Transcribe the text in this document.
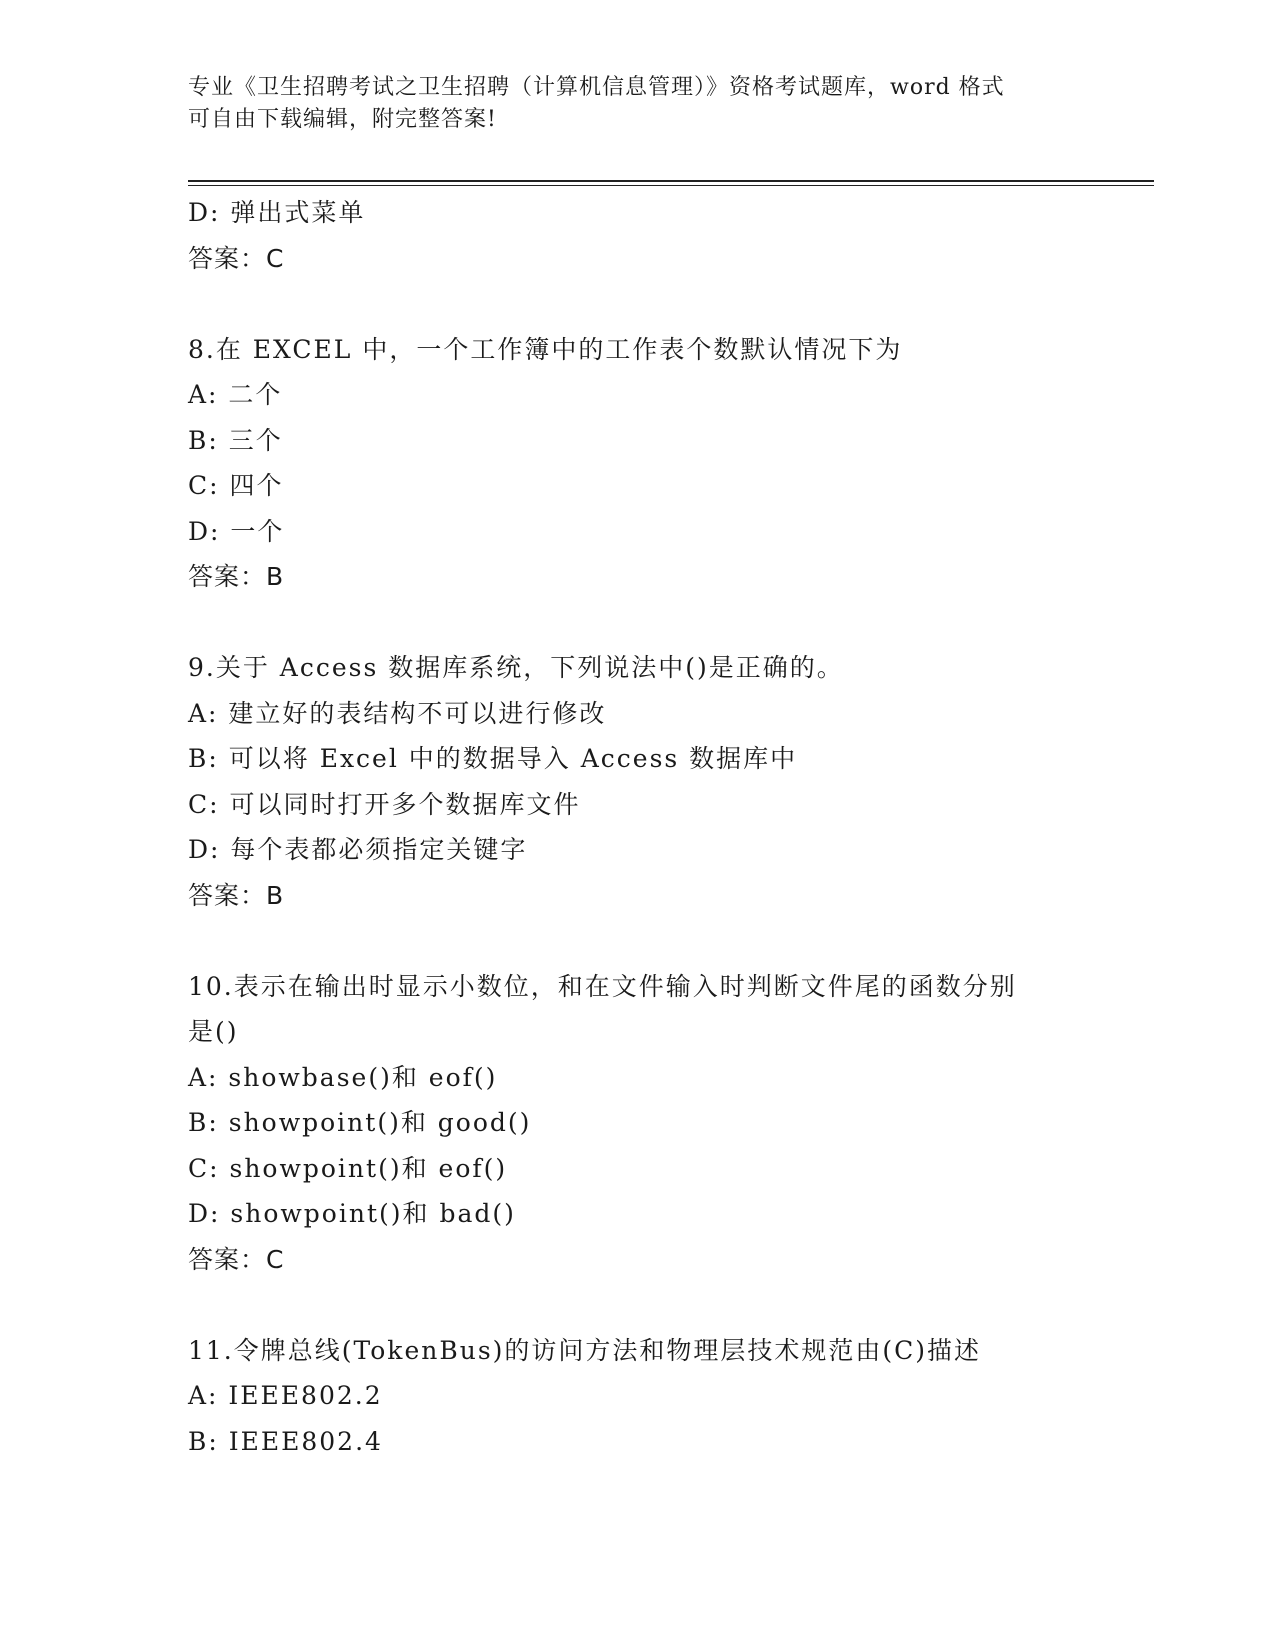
专业《卫生招聘考试之卫生招聘（计算机信息管理）》资格考试题库，word 格式
可自由下载编辑，附完整答案!
D: 弹出式菜单
答案：C
8.在 EXCEL 中，一个工作簿中的工作表个数默认情况下为
A: 二个
B: 三个
C: 四个
D: 一个
答案：B
9.关于 Access 数据库系统，下列说法中()是正确的。
A: 建立好的表结构不可以进行修改
B: 可以将 Excel 中的数据导入 Access 数据库中
C: 可以同时打开多个数据库文件
D: 每个表都必须指定关键字
答案：B
10.表示在输出时显示小数位，和在文件输入时判断文件尾的函数分别
是()
A: showbase()和 eof()
B: showpoint()和 good()
C: showpoint()和 eof()
D: showpoint()和 bad()
答案：C
11.令牌总线(TokenBus)的访问方法和物理层技术规范由(C)描述
A: IEEE802.2
B: IEEE802.4
